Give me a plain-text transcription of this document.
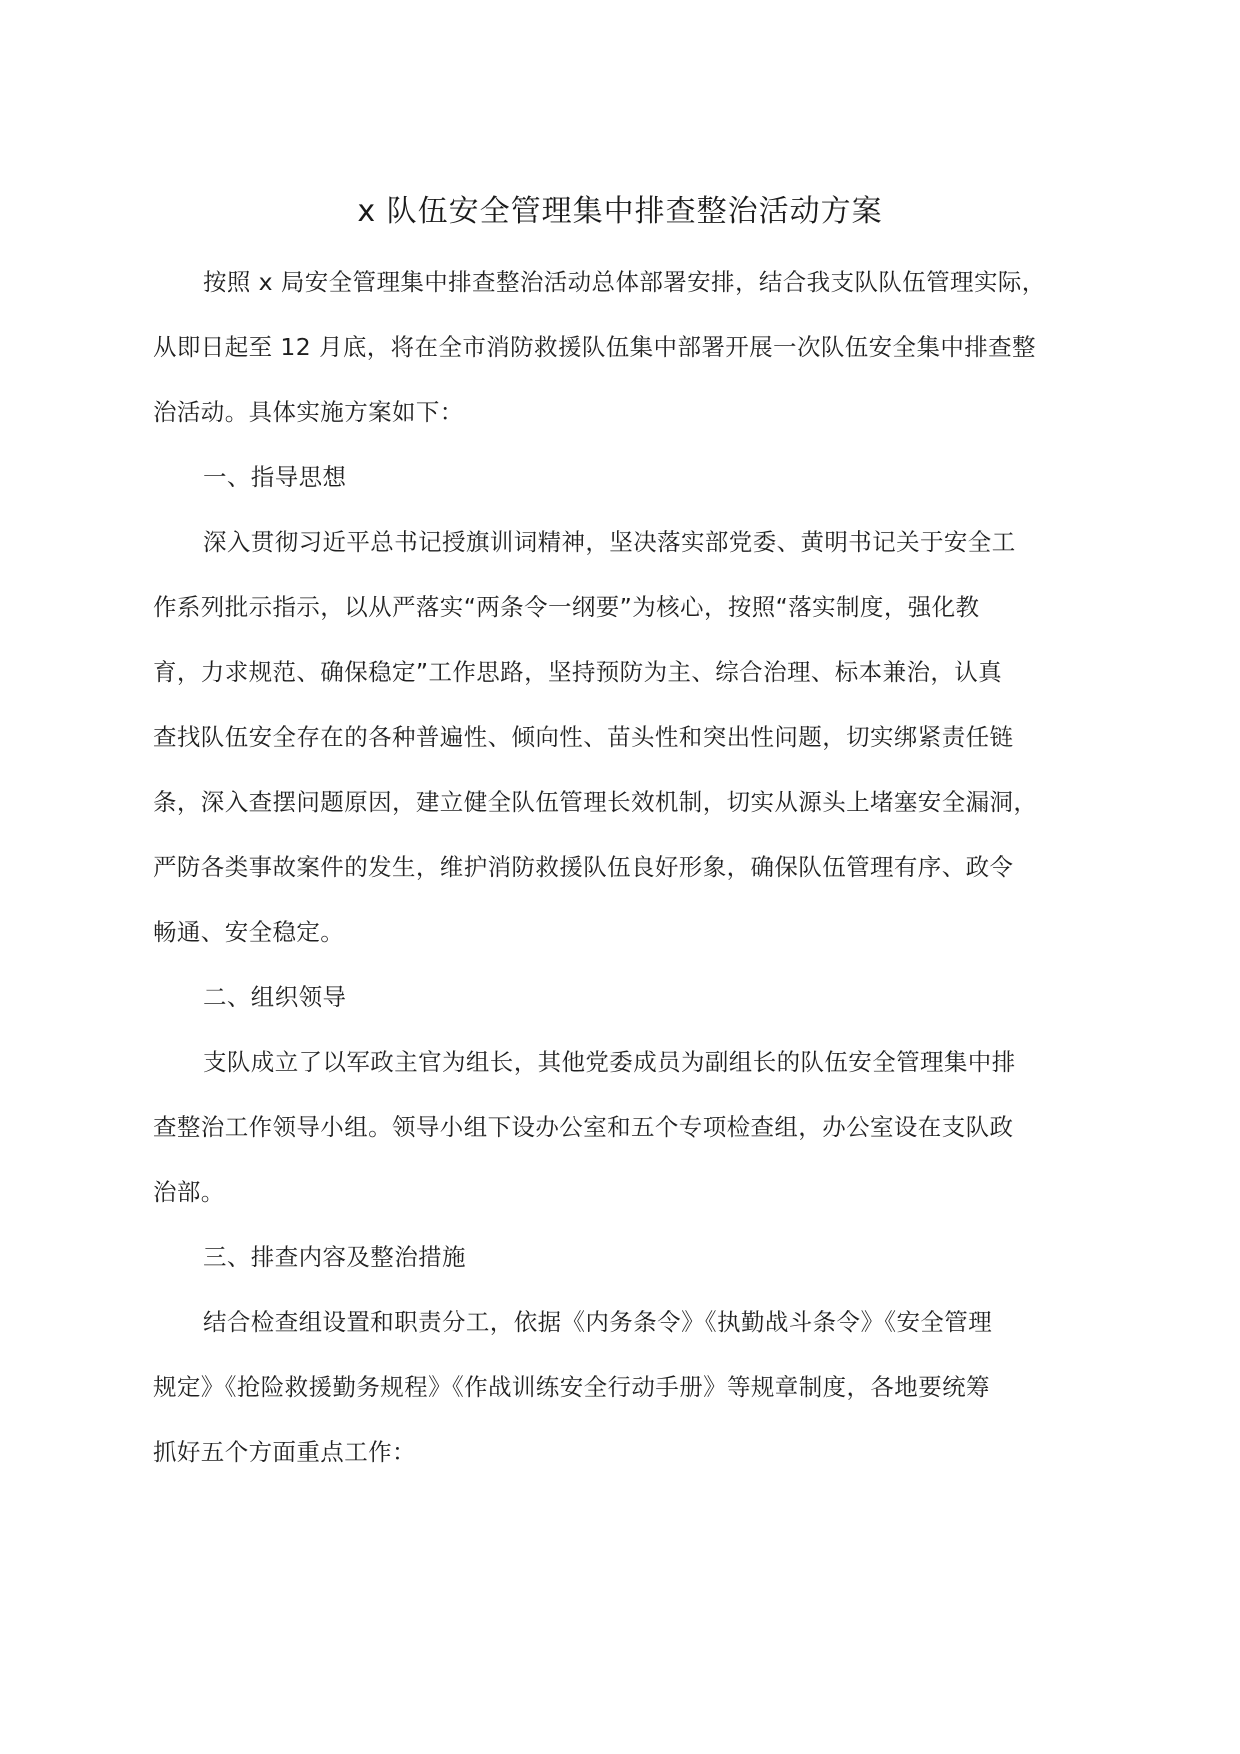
x 队伍安全管理集中排查整治活动方案

按照 x 局安全管理集中排查整治活动总体部署安排，结合我支队队伍管理实际，
从即日起至 12 月底，将在全市消防救援队伍集中部署开展一次队伍安全集中排查整
治活动。具体实施方案如下：

一、指导思想

深入贯彻习近平总书记授旗训词精神，坚决落实部党委、黄明书记关于安全工
作系列批示指示，以从严落实“两条令一纲要”为核心，按照“落实制度，强化教
育，力求规范、确保稳定”工作思路，坚持预防为主、综合治理、标本兼治，认真
查找队伍安全存在的各种普遍性、倾向性、苗头性和突出性问题，切实绑紧责任链
条，深入查摆问题原因，建立健全队伍管理长效机制，切实从源头上堵塞安全漏洞，
严防各类事故案件的发生，维护消防救援队伍良好形象，确保队伍管理有序、政令
畅通、安全稳定。

二、组织领导

支队成立了以军政主官为组长，其他党委成员为副组长的队伍安全管理集中排
查整治工作领导小组。领导小组下设办公室和五个专项检查组，办公室设在支队政
治部。

三、排查内容及整治措施

结合检查组设置和职责分工，依据《内务条令》《执勤战斗条令》《安全管理
规定》《抢险救援勤务规程》《作战训练安全行动手册》等规章制度，各地要统筹
抓好五个方面重点工作：
